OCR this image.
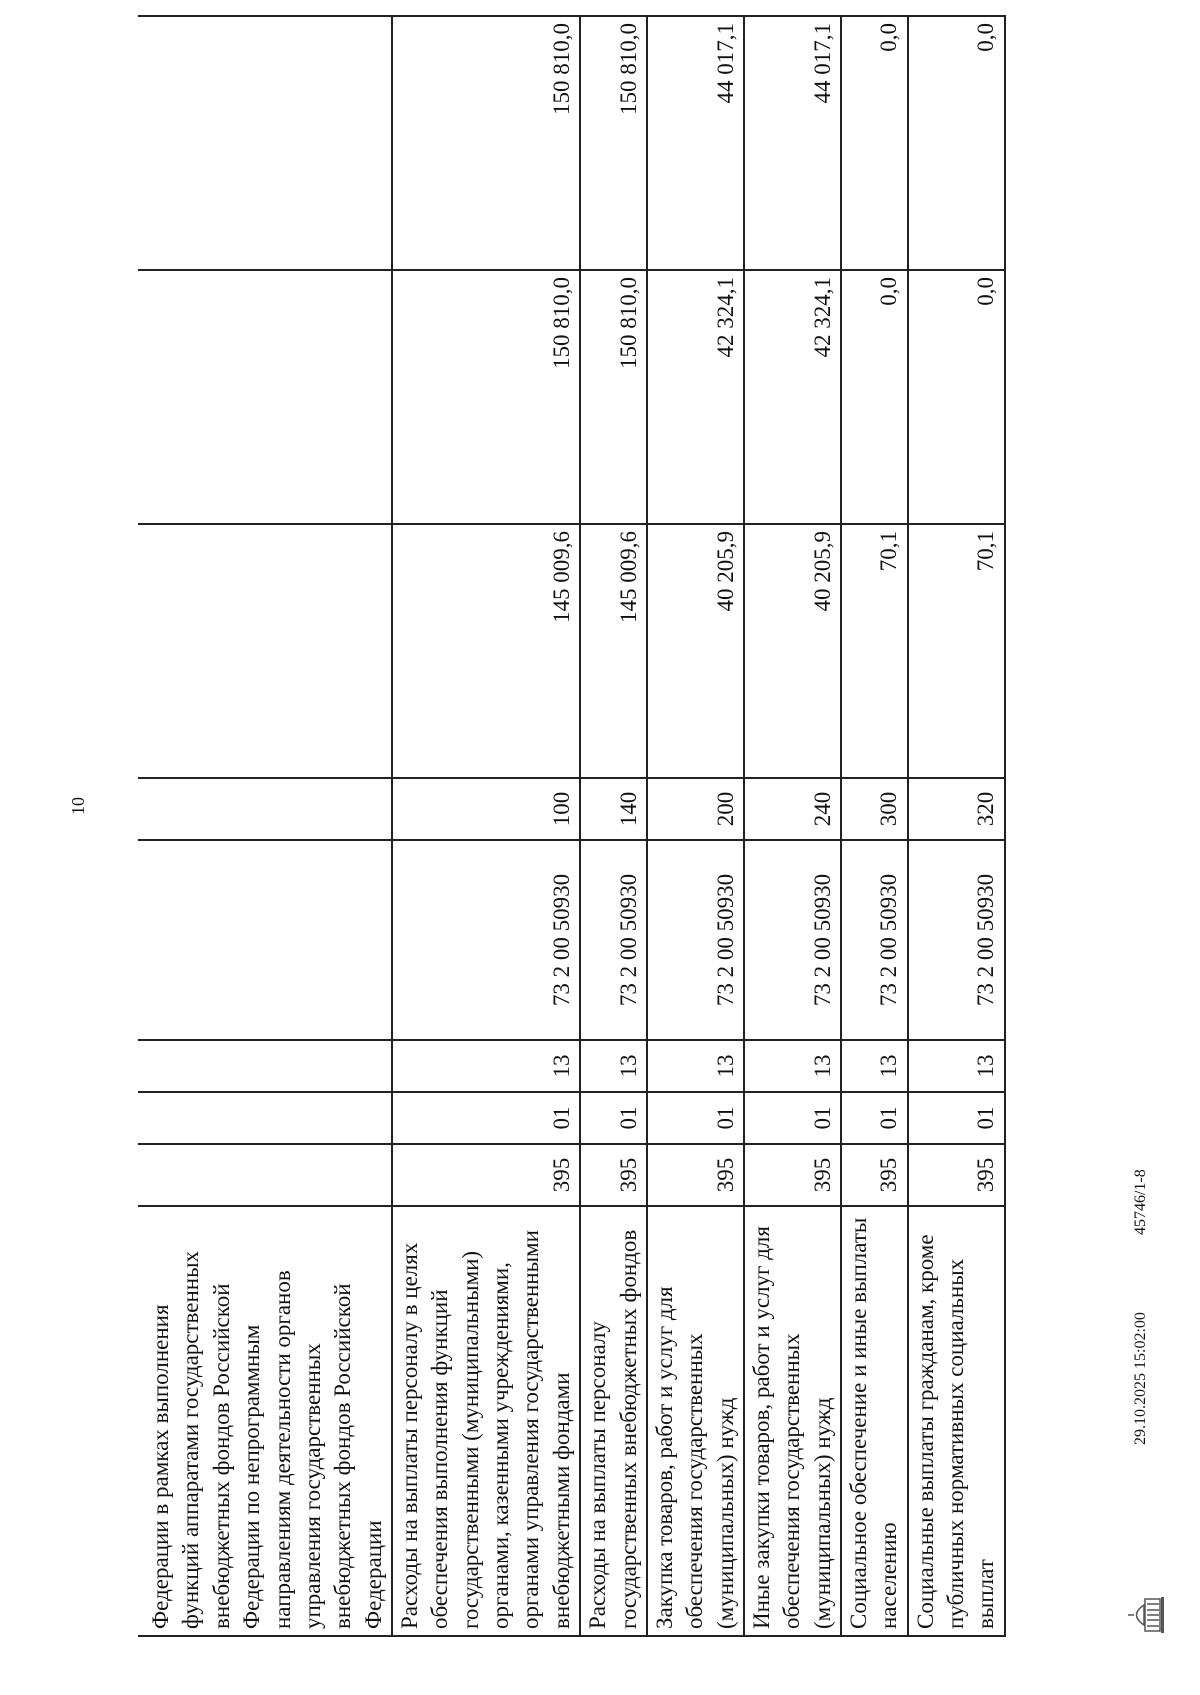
10
Федерации в рамках выполнения функций аппаратами государственных внебюджетных фондов Российской Федерации по непрограммным направлениям деятельности органов управления государственных внебюджетных фондов Российской Федерации								
Расходы на выплаты персоналу в целях обеспечения выполнения функций государственными (муниципальными) органами, казенными учреждениями, органами управления государственными внебюджетными фондами	395	01	13	73 2 00 50930	100	145 009,6	150 810,0	150 810,0
Расходы на выплаты персоналу государственных внебюджетных фондов	395	01	13	73 2 00 50930	140	145 009,6	150 810,0	150 810,0
Закупка товаров, работ и услуг для обеспечения государственных (муниципальных) нужд	395	01	13	73 2 00 50930	200	40 205,9	42 324,1	44 017,1
Иные закупки товаров, работ и услуг для обеспечения государственных (муниципальных) нужд	395	01	13	73 2 00 50930	240	40 205,9	42 324,1	44 017,1
Социальное обеспечение и иные выплаты населению	395	01	13	73 2 00 50930	300	70,1	0,0	0,0
Социальные выплаты гражданам, кроме публичных нормативных социальных выплат	395	01	13	73 2 00 50930	320	70,1	0,0	0,0
29.10.2025 15:02:00
45746/1-8
